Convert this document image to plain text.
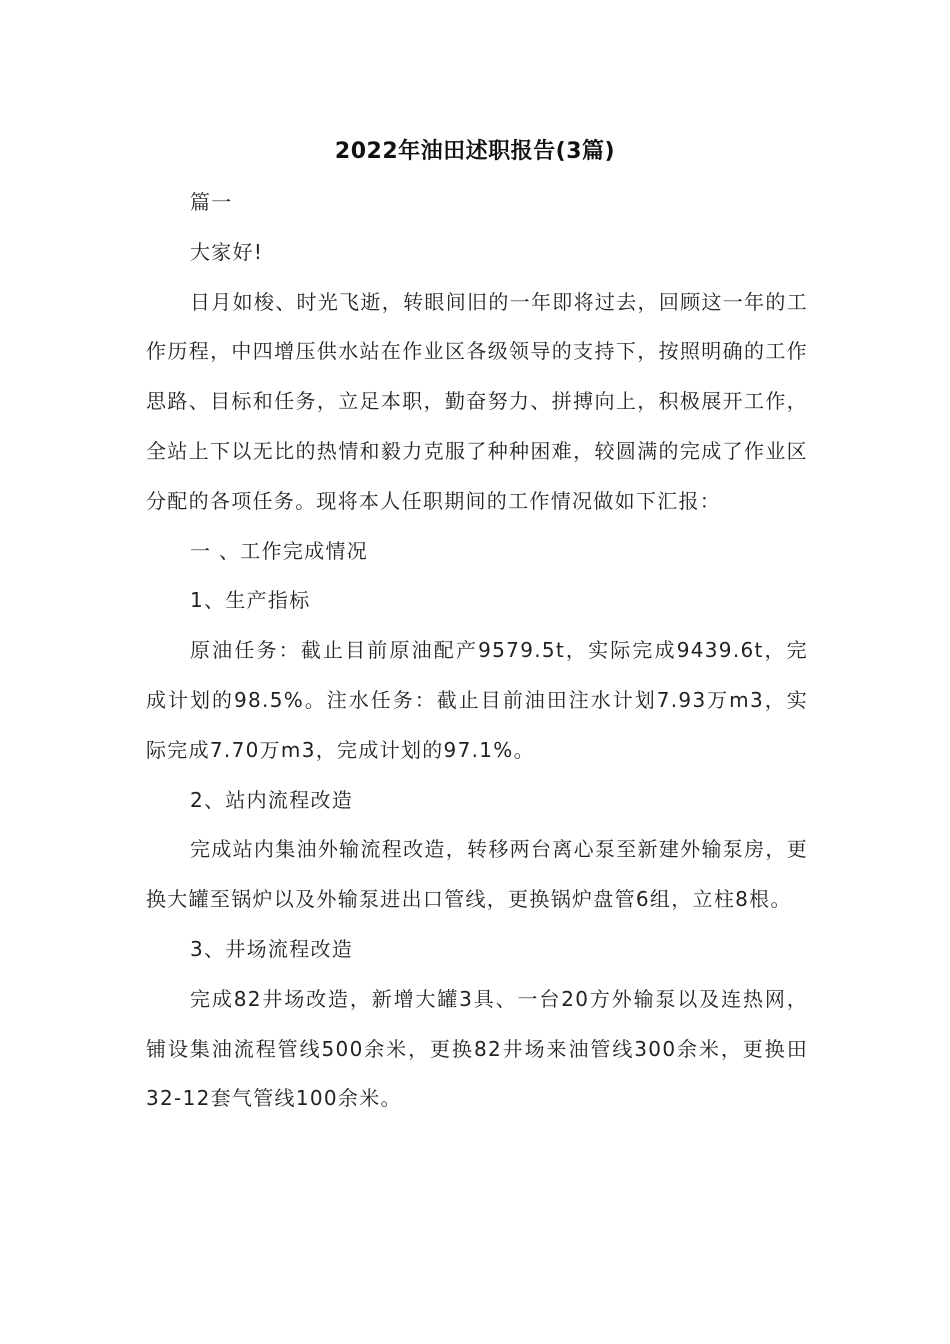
2022年油田述职报告(3篇)

篇一

大家好!

日月如梭、时光飞逝，转眼间旧的一年即将过去，回顾这一年的工作历程，中四增压供水站在作业区各级领导的支持下，按照明确的工作思路、目标和任务，立足本职，勤奋努力、拼搏向上，积极展开工作，全站上下以无比的热情和毅力克服了种种困难，较圆满的完成了作业区分配的各项任务。现将本人任职期间的工作情况做如下汇报：

一 、工作完成情况

1、生产指标

原油任务：截止目前原油配产9579.5t，实际完成9439.6t，完成计划的98.5%。注水任务：截止目前油田注水计划7.93万m3，实际完成7.70万m3，完成计划的97.1%。

2、站内流程改造

完成站内集油外输流程改造，转移两台离心泵至新建外输泵房，更换大罐至锅炉以及外输泵进出口管线，更换锅炉盘管6组，立柱8根。

3、井场流程改造

完成82井场改造，新增大罐3具、一台20方外输泵以及连热网，铺设集油流程管线500余米，更换82井场来油管线300余米，更换田32-12套气管线100余米。
